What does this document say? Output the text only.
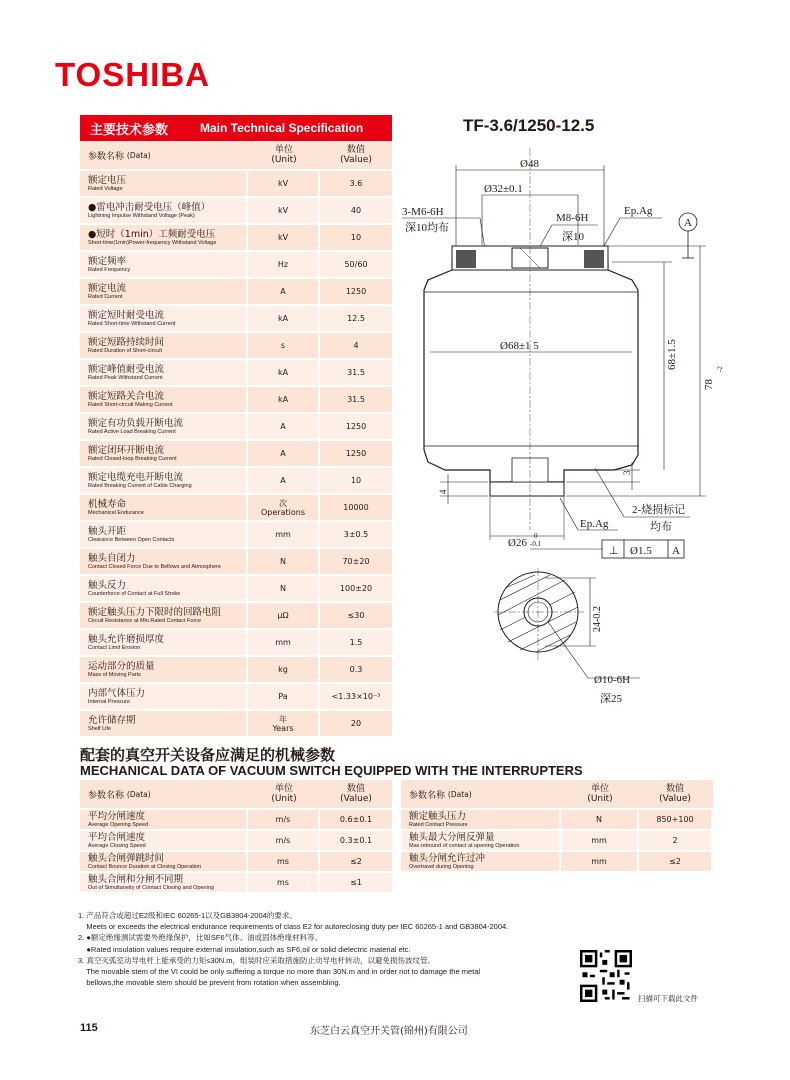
TOSHIBA
TF-3.6/1250-12.5
主要技术参数	Main Technical Specification
参数名称
(Data)	单位
(Unit)
数值
(Value)
额定电压
Rated Voltage
kV	3.6
●雷电冲击耐受电压（峰值）
Lightning Impulse Withstand Voltage (Peak)
kV	40
●短时（1min）工频耐受电压
Short-time(1min)Power-frequency Withstand Voltage
kV	10
额定频率
Rated Frequency
Hz	50/60
额定电流
Rated Current
A	1250
额定短时耐受电流
Rated Short-time Withstand Current
kA	12.5
额定短路持续时间
Rated Duration of Short-circuit
s	4
额定峰值耐受电流
Rated Peak Withstand Current
kA	31.5
额定短路关合电流
Rated Short-circuit Making Current
kA	31.5
额定有功负载开断电流
Rated Active Load Breaking Current
A	1250
额定闭环开断电流
Rated Closed-loop Breaking Current
A	1250
额定电缆充电开断电流
Rated Breaking Current of Cable Charging
A	10
机械寿命
Mechanical Endurance
次
Operations	10000
触头开距
Clearance Between Open Contacts
mm	3±0.5
触头自闭力
Contact Closed Force Due to Bellows and Atmosphere
N	70±20
触头反力
Counterforce of Contact at Full Stroke
N	100±20
额定触头压力下限时的回路电阻
Circuit Resistance at Min.Rated Contact Force
μΩ	≤30
触头允许磨损厚度
Contact Limit Erosion
mm	1.5
运动部分的质量
Mass of Moving Parts
kg	0.3
内部气体压力
Internal Pressure
Pa	<1.33×10⁻³
允许储存期
Shelf Life
年
Years	20
配套的真空开关设备应满足的机械参数
MECHANICAL DATA OF VACUUM SWITCH EQUIPPED WITH THE INTERRUPTERS
参数名称
(Data)	单位
(Unit)
数值
(Value)
平均分闸速度
Average Opening Speed
m/s	0.6±0.1
平均合闸速度
Average Closing Speed
m/s	0.3±0.1
触头合闸弹跳时间
Contact Bounce Duration at Closing Operation
ms	≤2
触头合闸和分闸不同期
Out of Simultaneity of Contact Closing and Opening
ms	≤1
参数名称
(Data)	单位
(Unit)
数值
(Value)
额定触头压力
Rated Contact Pressure
N	850+100
触头最大分闸反弹量
Max.rebound of contact at opening Operation
mm	2
触头分闸允许过冲
Overtravel during Opening
mm	≤2
1. 产品符合或超过E2级和IEC 60265-1以及GB3804-2004的要求。
Meets or exceeds the electrical endurance requirements of class E2 for autoreclosing duty per IEC 60265-1 and GB3804-2004.
2. ●额定绝缘测试需要外绝缘保护，比如SF6气体、油或固体绝缘材料等。
●Rated insulation values require external insulation,such as SF6,oil or solid dielectric material etc.
3. 真空灭弧室动导电杆上能承受的力矩≤30N.m，组装时应采取措施防止动导电杆转动，以避免损伤波纹管。
The movable stem of the VI could be only suffering a torque no more than 30N.m and in order not to damage the metal
bellows,the movable stem should be prevent from rotation when assembling.
扫描可下载此文件
115	东芝白云真空开关管(锦州)有限公司
Ø48
Ø32±0.1
3-M6-6H
深10均布
M8-6H
深10
Ep.Ag
A
Ø68±1 5	68±1.5
78
-2
3
4
Ø26
0
-0.1
Ep.Ag
2-烧损标记
均布
⊥ Ø1.5 A
24-0.2
Ø10-6H
深25
